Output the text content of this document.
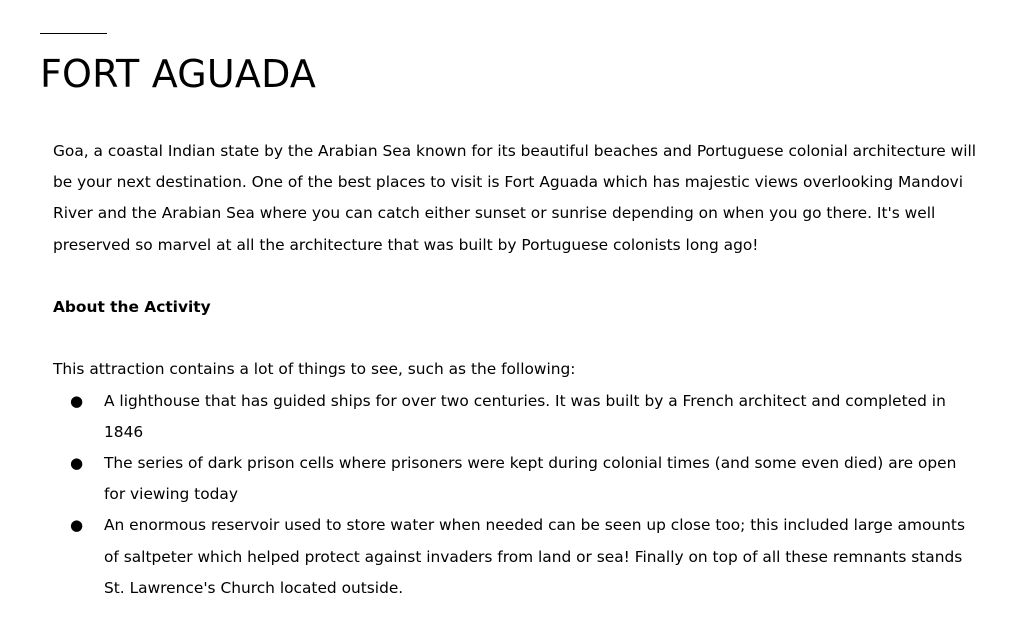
FORT AGUADA

Goa, a coastal Indian state by the Arabian Sea known for its beautiful beaches and Portuguese colonial architecture will be your next destination. One of the best places to visit is Fort Aguada which has majestic views overlooking Mandovi River and the Arabian Sea where you can catch either sunset or sunrise depending on when you go there. It's well preserved so marvel at all the architecture that was built by Portuguese colonists long ago!

About the Activity

This attraction contains a lot of things to see, such as the following:

● A lighthouse that has guided ships for over two centuries. It was built by a French architect and completed in 1846
● The series of dark prison cells where prisoners were kept during colonial times (and some even died) are open for viewing today
● An enormous reservoir used to store water when needed can be seen up close too; this included large amounts of saltpeter which helped protect against invaders from land or sea! Finally on top of all these remnants stands St. Lawrence's Church located outside.
